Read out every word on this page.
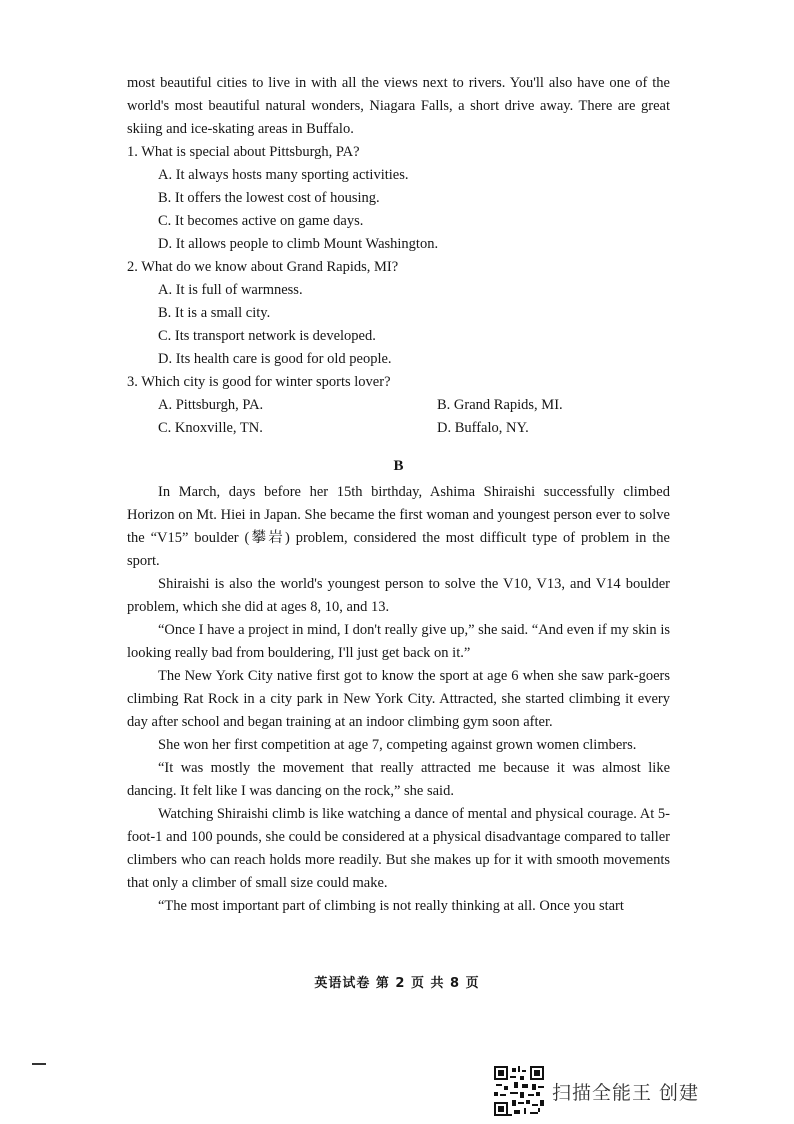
most beautiful cities to live in with all the views next to rivers. You'll also have one of the world's most beautiful natural wonders, Niagara Falls, a short drive away. There are great skiing and ice-skating areas in Buffalo.

1. What is special about Pittsburgh, PA?

A. It always hosts many sporting activities.

B. It offers the lowest cost of housing.

C. It becomes active on game days.

D. It allows people to climb Mount Washington.

2. What do we know about Grand Rapids, MI?

A. It is full of warmness.

B. It is a small city.

C. Its transport network is developed.

D. Its health care is good for old people.

3. Which city is good for winter sports lover?

A. Pittsburgh, PA.	B. Grand Rapids, MI.
C. Knoxville, TN.	D. Buffalo, NY.
B

In March, days before her 15th birthday, Ashima Shiraishi successfully climbed Horizon on Mt. Hiei in Japan. She became the first woman and youngest person ever to solve the “V15” boulder (攀岩) problem, considered the most difficult type of problem in the sport.

Shiraishi is also the world's youngest person to solve the V10, V13, and V14 boulder problem, which she did at ages 8, 10, and 13.

“Once I have a project in mind, I don't really give up,” she said. “And even if my skin is looking really bad from bouldering, I'll just get back on it.”

The New York City native first got to know the sport at age 6 when she saw park-goers climbing Rat Rock in a city park in New York City. Attracted, she started climbing it every day after school and began training at an indoor climbing gym soon after.

She won her first competition at age 7, competing against grown women climbers.

“It was mostly the movement that really attracted me because it was almost like dancing. It felt like I was dancing on the rock,” she said.

Watching Shiraishi climb is like watching a dance of mental and physical courage. At 5-foot-1 and 100 pounds, she could be considered at a physical disadvantage compared to taller climbers who can reach holds more readily. But she makes up for it with smooth movements that only a climber of small size could make.

“The most important part of climbing is not really thinking at all. Once you start

英语试卷 第 2 页 共 8 页
扫描全能王 创建
